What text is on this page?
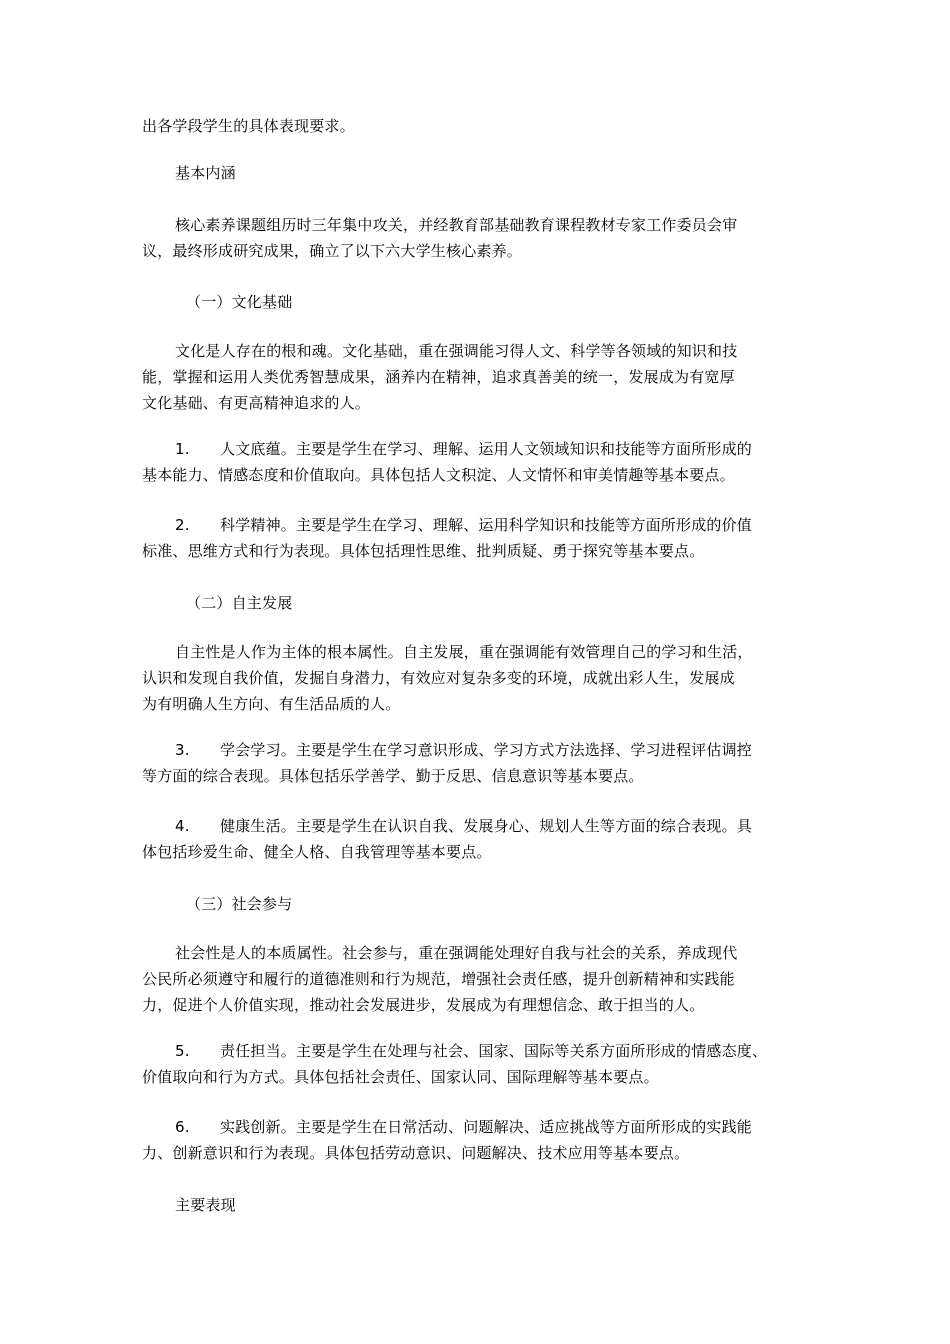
出各学段学生的具体表现要求。
基本内涵
核心素养课题组历时三年集中攻关，并经教育部基础教育课程教材专家工作委员会审
议，最终形成研究成果，确立了以下六大学生核心素养。
（一）文化基础
文化是人存在的根和魂。文化基础，重在强调能习得人文、科学等各领域的知识和技
能，掌握和运用人类优秀智慧成果，涵养内在精神，追求真善美的统一，发展成为有宽厚
文化基础、有更高精神追求的人。
1. 人文底蕴。主要是学生在学习、理解、运用人文领域知识和技能等方面所形成的
基本能力、情感态度和价值取向。具体包括人文积淀、人文情怀和审美情趣等基本要点。
2. 科学精神。主要是学生在学习、理解、运用科学知识和技能等方面所形成的价值
标准、思维方式和行为表现。具体包括理性思维、批判质疑、勇于探究等基本要点。
（二）自主发展
自主性是人作为主体的根本属性。自主发展，重在强调能有效管理自己的学习和生活，
认识和发现自我价值，发掘自身潜力，有效应对复杂多变的环境，成就出彩人生，发展成
为有明确人生方向、有生活品质的人。
3. 学会学习。主要是学生在学习意识形成、学习方式方法选择、学习进程评估调控
等方面的综合表现。具体包括乐学善学、勤于反思、信息意识等基本要点。
4. 健康生活。主要是学生在认识自我、发展身心、规划人生等方面的综合表现。具
体包括珍爱生命、健全人格、自我管理等基本要点。
（三）社会参与
社会性是人的本质属性。社会参与，重在强调能处理好自我与社会的关系，养成现代
公民所必须遵守和履行的道德准则和行为规范，增强社会责任感，提升创新精神和实践能
力，促进个人价值实现，推动社会发展进步，发展成为有理想信念、敢于担当的人。
5. 责任担当。主要是学生在处理与社会、国家、国际等关系方面所形成的情感态度、
价值取向和行为方式。具体包括社会责任、国家认同、国际理解等基本要点。
6. 实践创新。主要是学生在日常活动、问题解决、适应挑战等方面所形成的实践能
力、创新意识和行为表现。具体包括劳动意识、问题解决、技术应用等基本要点。
主要表现
